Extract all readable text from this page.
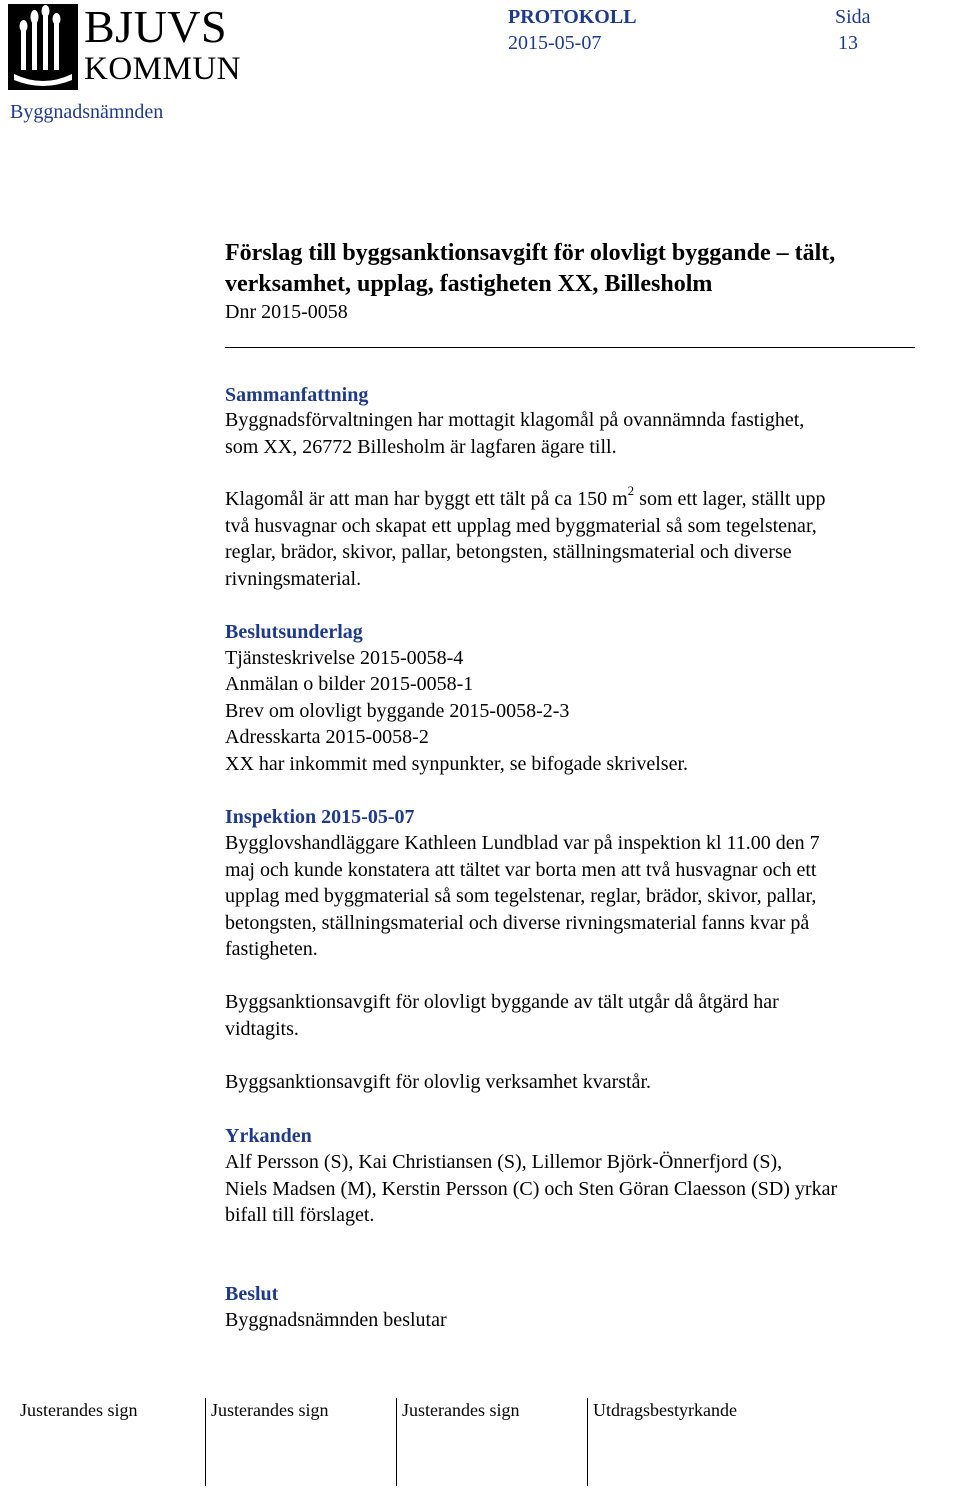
BJUVS
KOMMUN
Byggnadsnämnden
PROTOKOLL
2015-05-07
Sida
13
Förslag till byggsanktionsavgift för olovligt byggande – tält,
verksamhet, upplag, fastigheten XX, Billesholm
Dnr 2015-0058
Sammanfattning
Byggnadsförvaltningen har mottagit klagomål på ovannämnda fastighet,
som XX, 26772 Billesholm är lagfaren ägare till.
Klagomål är att man har byggt ett tält på ca 150 $m^2$ som ett lager, ställt upp
två husvagnar och skapat ett upplag med byggmaterial så som tegelstenar,
reglar, brädor, skivor, pallar, betongsten, ställningsmaterial och diverse
rivningsmaterial.
Beslutsunderlag
Tjänsteskrivelse 2015-0058-4
Anmälan o bilder 2015-0058-1
Brev om olovligt byggande 2015-0058-2-3
Adresskarta 2015-0058-2
XX har inkommit med synpunkter, se bifogade skrivelser.
Inspektion 2015-05-07
Bygglovshandläggare Kathleen Lundblad var på inspektion kl 11.00 den 7
maj och kunde konstatera att tältet var borta men att två husvagnar och ett
upplag med byggmaterial så som tegelstenar, reglar, brädor, skivor, pallar,
betongsten, ställningsmaterial och diverse rivningsmaterial fanns kvar på
fastigheten.
Byggsanktionsavgift för olovligt byggande av tält utgår då åtgärd har
vidtagits.
Byggsanktionsavgift för olovlig verksamhet kvarstår.
Yrkanden
Alf Persson (S), Kai Christiansen (S), Lillemor Björk-Önnerfjord (S),
Niels Madsen (M), Kerstin Persson (C) och Sten Göran Claesson (SD) yrkar
bifall till förslaget.
Beslut
Byggnadsnämnden beslutar
Justerandes sign	Justerandes sign	Justerandes sign	Utdragsbestyrkande
